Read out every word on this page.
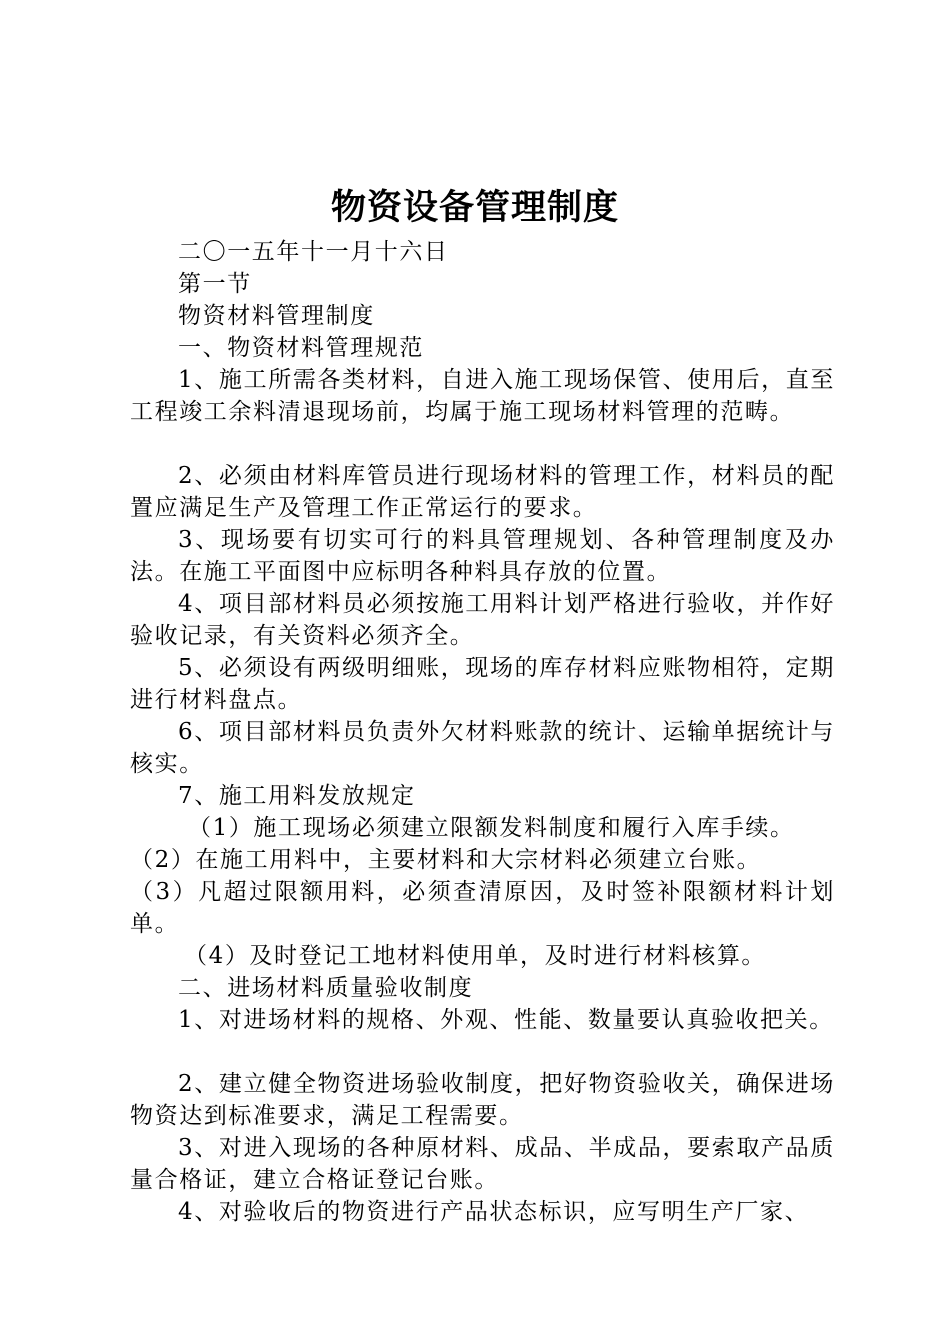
物资设备管理制度

二〇一五年十一月十六日

第一节

物资材料管理制度

一、物资材料管理规范

1、施工所需各类材料，自进入施工现场保管、使用后，直至工程竣工余料清退现场前，均属于施工现场材料管理的范畴。

2、必须由材料库管员进行现场材料的管理工作，材料员的配置应满足生产及管理工作正常运行的要求。

3、现场要有切实可行的料具管理规划、各种管理制度及办法。在施工平面图中应标明各种料具存放的位置。

4、项目部材料员必须按施工用料计划严格进行验收，并作好验收记录，有关资料必须齐全。

5、必须设有两级明细账，现场的库存材料应账物相符，定期进行材料盘点。

6、项目部材料员负责外欠材料账款的统计、运输单据统计与核实。

7、施工用料发放规定

（1）施工现场必须建立限额发料制度和履行入库手续。

（2）在施工用料中，主要材料和大宗材料必须建立台账。

（3）凡超过限额用料，必须查清原因，及时签补限额材料计划单。

（4）及时登记工地材料使用单，及时进行材料核算。

二、进场材料质量验收制度

1、对进场材料的规格、外观、性能、数量要认真验收把关。

2、建立健全物资进场验收制度，把好物资验收关，确保进场物资达到标准要求，满足工程需要。

3、对进入现场的各种原材料、成品、半成品，要索取产品质量合格证，建立合格证登记台账。

4、对验收后的物资进行产品状态标识，应写明生产厂家、
